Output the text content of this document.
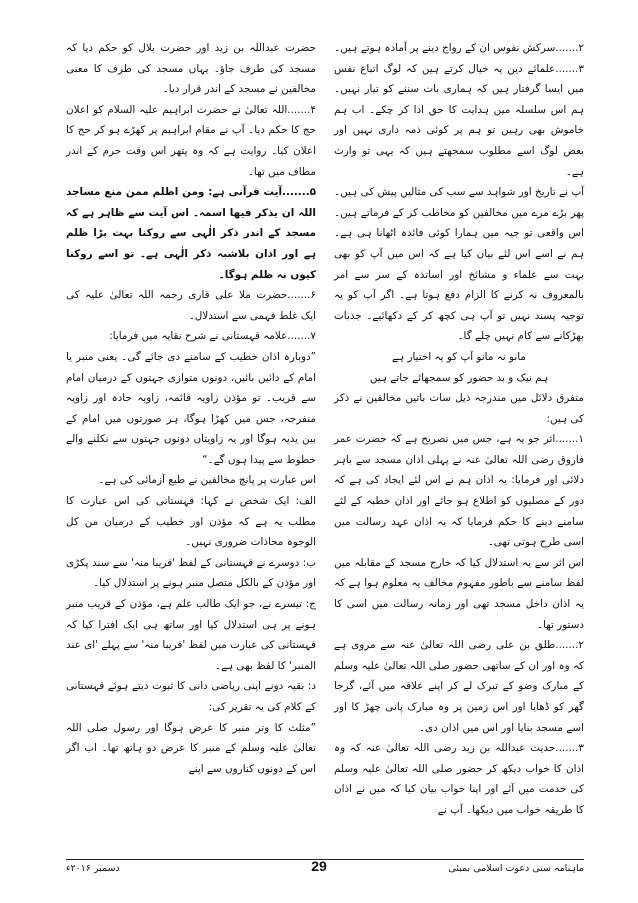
۲.......سرکش نفوس ان کے رواج دینے پر آمادہ ہوتے ہیں۔

۳.......علمائے دین یہ خیال کرتے ہیں کہ لوگ اتباع نفس میں ایسا گرفتار ہیں کہ ہماری بات سننے کو تیار نہیں۔ ہم اس سلسلہ میں ہدایت کا حق ادا کر چکے۔ اب ہم خاموش بھی رہیں تو ہم پر کوئی ذمہ داری نہیں اور بعض لوگ اسے مطلوب سمجھتے ہیں کہ یہی تو وارث ہے۔

آپ نے تاریخ اور شواہد سے سب کی مثالیں پیش کی ہیں۔ پھر بڑے مرے میں مخالفین کو مخاطب کر کے فرماتے ہیں۔ اس واقعی تو جیہ میں ہمارا کوئی فائدہ اٹھانا ہی ہے۔ ہم نے اسے اس لئے بیان کیا ہے کہ اس میں آپ کو بھی بہت سے علماء و مشائخ اور اساتذہ کے سر سے امر بالمعروف نہ کرنے کا الزام دفع ہوتا ہے۔ اگر آپ کو یہ توجیہ پسند نہیں تو آپ ہی کچھ کر کے دکھائیے۔ جذبات بھڑکانے سے کام نہیں چلے گا۔

مانو نہ مانو آپ کو یہ اختیار ہے

ہم نیک و بد حضور کو سمجھائے جاتے ہیں

متفرق دلائل میں مندرجہ ذیل سات باتیں مخالفین نے ذکر کی ہیں:

۱.......اثر جو یہ ہے، جس میں تصریح ہے کہ حضرت عمر فاروق رضی اللہ تعالیٰ عنہ نے پہلی اذان مسجد سے باہر دلائی اور فرمایا: یہ اذان ہم نے اس لئے ایجاد کی ہے کہ دور کے مصلیوں کو اطلاع ہو جائے اور اذان خطبہ کے لئے سامنے دینے کا حکم فرمایا کہ یہ اذان عہد رسالت میں اسی طرح ہوتی تھی۔

اس اثر سے یہ استدلال کیا کہ خارج مسجد کے مقابلہ میں لفظ سامنے سے باطور مفہوم مخالف یہ معلوم ہوا ہے کہ یہ اذان داخل مسجد تھی اور زمانہ رسالت میں اسی کا دستور تھا۔

۲.......طلق بن علی رضی اللہ تعالیٰ عنہ سے مروی ہے کہ وہ اور ان کے ساتھی حضور صلی اللہ تعالیٰ علیہ وسلم کے مبارک وضو کے تبرک لے کر اپنے علاقہ میں آئے، گرجا گھر کو ڈھایا اور اس زمین پر وہ مبارک پانی چھڑ کا اور اسے مسجد بنایا اور اس میں اذان دی۔

۳.......حدیث عبداللہ بن زید رضی اللہ تعالیٰ عنہ کہ وہ اذان کا خواب دیکھ کر حضور صلی اللہ تعالیٰ علیہ وسلم کی خدمت میں آئے اور اپنا خواب بیان کیا کہ میں نے اذان کا طریقہ خواب میں دیکھا۔ آپ نے

حضرت عبداللہ بن زید اور حضرت بلال کو حکم دیا کہ مسجد کی طرف جاؤ۔ یہاں مسجد کی طرف کا معنی مخالفین نے مسجد کے اندر قرار دیا۔

۴.......اللہ تعالیٰ نے حضرت ابراہیم علیہ السلام کو اعلان حج کا حکم دیا۔ آپ نے مقام ابراہیم پر کھڑے ہو کر حج کا اعلان کیا۔ روایت ہے کہ وہ پتھر اس وقت حرم کے اندر مطاف میں تھا۔

۵.......آیت قرآنی ہے: ومن اظلم ممن منع مساجد اللہ ان یذکر فیھا اسمہ۔ اس آیت سے ظاہر ہے کہ مسجد کے اندر ذکر الٰہی سے روکنا بہت بڑا ظلم ہے اور اذان بلاشبہ ذکر الٰہی ہے۔ تو اسے روکنا کیوں نہ ظلم ہوگا۔

۶.......حضرت ملا علی قاری رحمہ اللہ تعالیٰ علیہ کی ایک غلط فہمی سے استدلال۔

۷.......علامہ قہستانی نے شرح نقایہ میں فرمایا:

”دوبارہ اذان خطیب کے سامنے دی جائے گی۔ یعنی منبر یا امام کے دائیں بائیں، دونوں متوازی جہتوں کے درمیان امام سے قریب۔ تو مؤذن زاویہ قائمہ، زاویہ حادہ اور زاویہ منفرجہ، جس میں کھڑا ہوگا، ہر صورتوں میں امام کے بین یدیہ ہوگا اور یہ زاویتاں دونوں جہتوں سے نکلنے والے خطوط سے پیدا ہوں گے۔“

اس عبارت پر پانچ مخالفین نے طبع آزمائی کی ہے۔

الف: ایک شخص نے کہا: قہستانی کی اس عبارت کا مطلب یہ ہے کہ مؤذن اور خطیب کے درمیان من کل الوجوہ محاذات ضروری نہیں۔

ب: دوسرے نے قہستانی کے لفظ 'قریبا منہ' سے سند پکڑی اور مؤذن کے بالکل متصل منبر ہونے پر استدلال کیا۔

ج: تیسرے نے، جو ایک طالب علم ہے، مؤذن کے قریب منبر ہونے پر ہی استدلال کیا اور ساتھ ہی ایک افترا کیا کہ قہستانی کی عبارت میں لفظ 'قریبا منہ' سے پہلے 'ای عند المنبر' کا لفظ بھی ہے۔

د: بقیہ دونے اپنی ریاضی دانی کا ثبوت دیتے ہوئے قہستانی کے کلام کی یہ تقریر کی:

”مثلث کا وتر منبر کا عرض ہوگا اور رسول صلی اللہ تعالیٰ علیہ وسلم کے منبر کا عرض دو ہاتھ تھا۔ اب اگر اس کے دونوں کناروں سے اپنے

ماہنامہ سنی دعوت اسلامی بمبئی
29
دسمبر ۲۰۱۶ء
